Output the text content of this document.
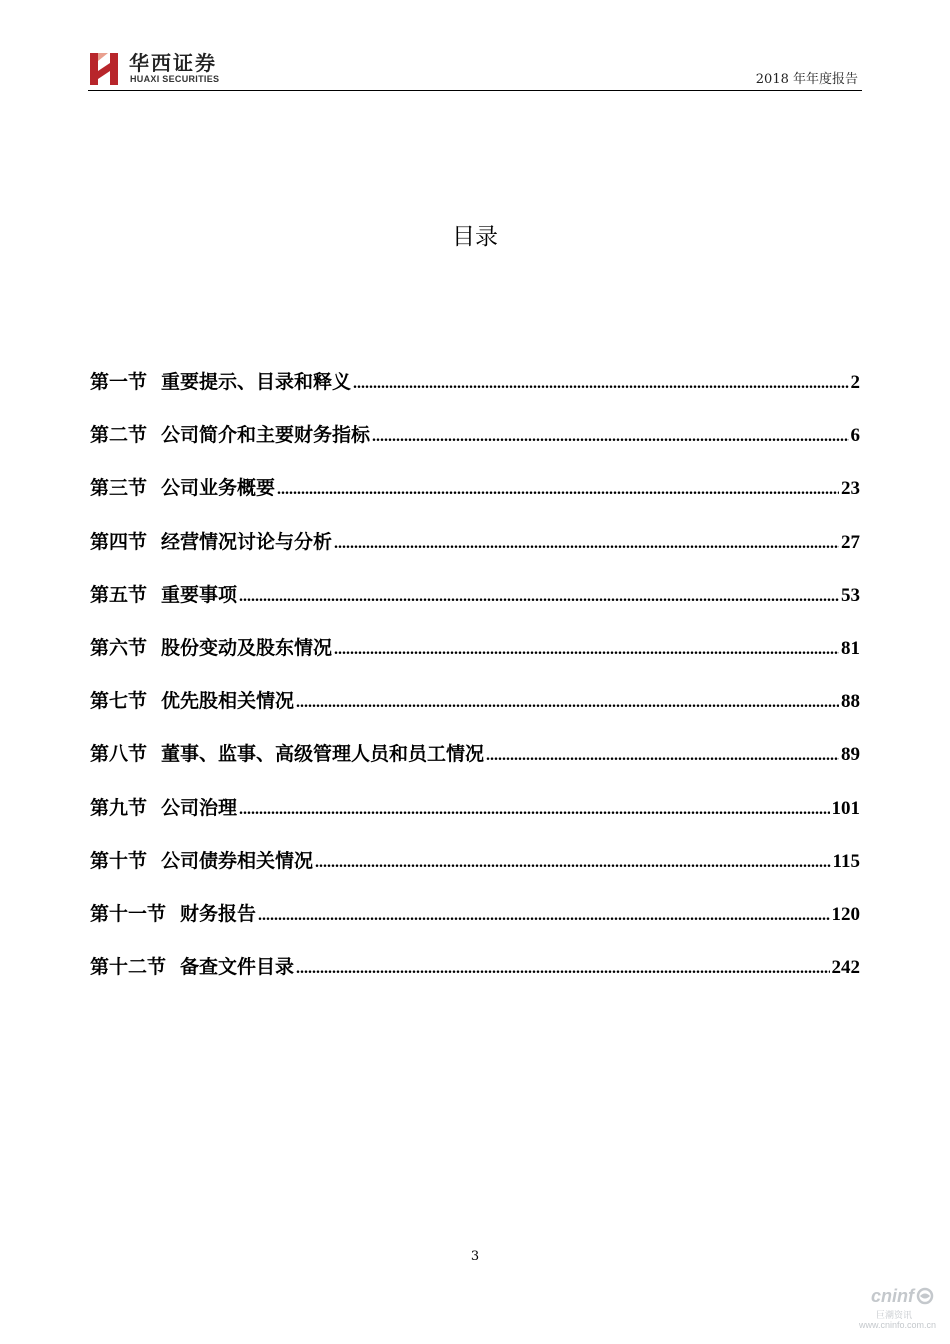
华西证券
HUAXI SECURITIES	2018 年年度报告
目录
第一节 重要提示、目录和释义 .....	2
第二节 公司简介和主要财务指标 .....	6
第三节 公司业务概要 .....	23
第四节 经营情况讨论与分析 .....	27
第五节 重要事项 .....	53
第六节 股份变动及股东情况 .....	81
第七节 优先股相关情况 .....	88
第八节 董事、监事、高级管理人员和员工情况 .....	89
第九节 公司治理 .....	101
第十节 公司债券相关情况 .....	115
第十一节 财务报告 .....	120
第十二节 备查文件目录 .....	242
3
cninf
巨潮资讯
www.cninfo.com.cn
